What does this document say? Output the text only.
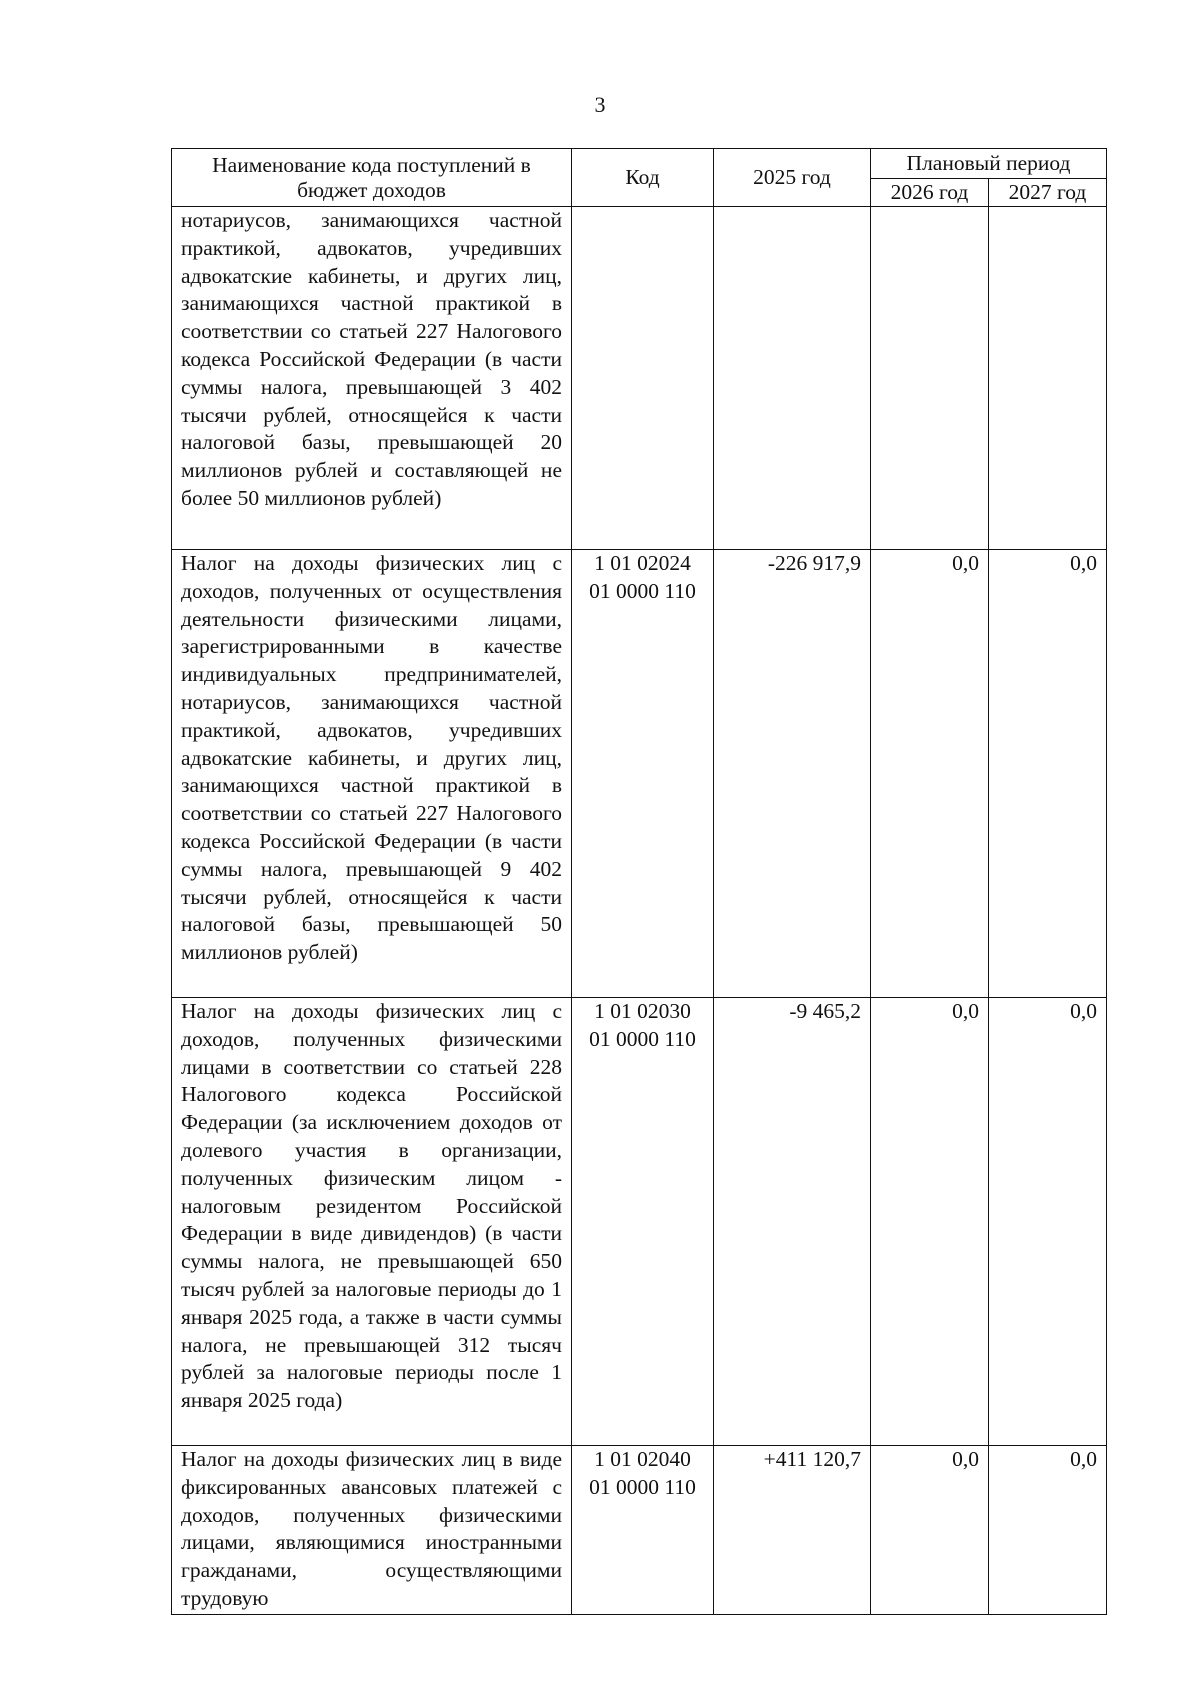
3
Наименование кода поступлений в бюджет доходов	Код	2025 год	Плановый период	
			2026 год	2027 год
нотариусов, занимающихся частной практикой, адвокатов, учредивших адвокатские кабинеты, и других лиц, занимающихся частной практикой в соответствии со статьей 227 Налогового кодекса Российской Федерации (в части суммы налога, превышающей 3 402 тысячи рублей, относящейся к части налоговой базы, превышающей 20 миллионов рублей и составляющей не более 50 миллионов рублей)				
Налог на доходы физических лиц с доходов, полученных от осуществления деятельности физическими лицами, зарегистрированными в качестве индивидуальных предпринимателей, нотариусов, занимающихся частной практикой, адвокатов, учредивших адвокатские кабинеты, и других лиц, занимающихся частной практикой в соответствии со статьей 227 Налогового кодекса Российской Федерации (в части суммы налога, превышающей 9 402 тысячи рублей, относящейся к части налоговой базы, превышающей 50 миллионов рублей)	1 01 02024 01 0000 110	-226 917,9	0,0	0,0
Налог на доходы физических лиц с доходов, полученных физическими лицами в соответствии со статьей 228 Налогового кодекса Российской Федерации (за исключением доходов от долевого участия в организации, полученных физическим лицом - налоговым резидентом Российской Федерации в виде дивидендов) (в части суммы налога, не превышающей 650 тысяч рублей за налоговые периоды до 1 января 2025 года, а также в части суммы налога, не превышающей 312 тысяч рублей за налоговые периоды после 1 января 2025 года)	1 01 02030 01 0000 110	-9 465,2	0,0	0,0
Налог на доходы физических лиц в виде фиксированных авансовых платежей с доходов, полученных физическими лицами, являющимися иностранными гражданами, осуществляющими трудовую	1 01 02040 01 0000 110	+411 120,7	0,0	0,0
